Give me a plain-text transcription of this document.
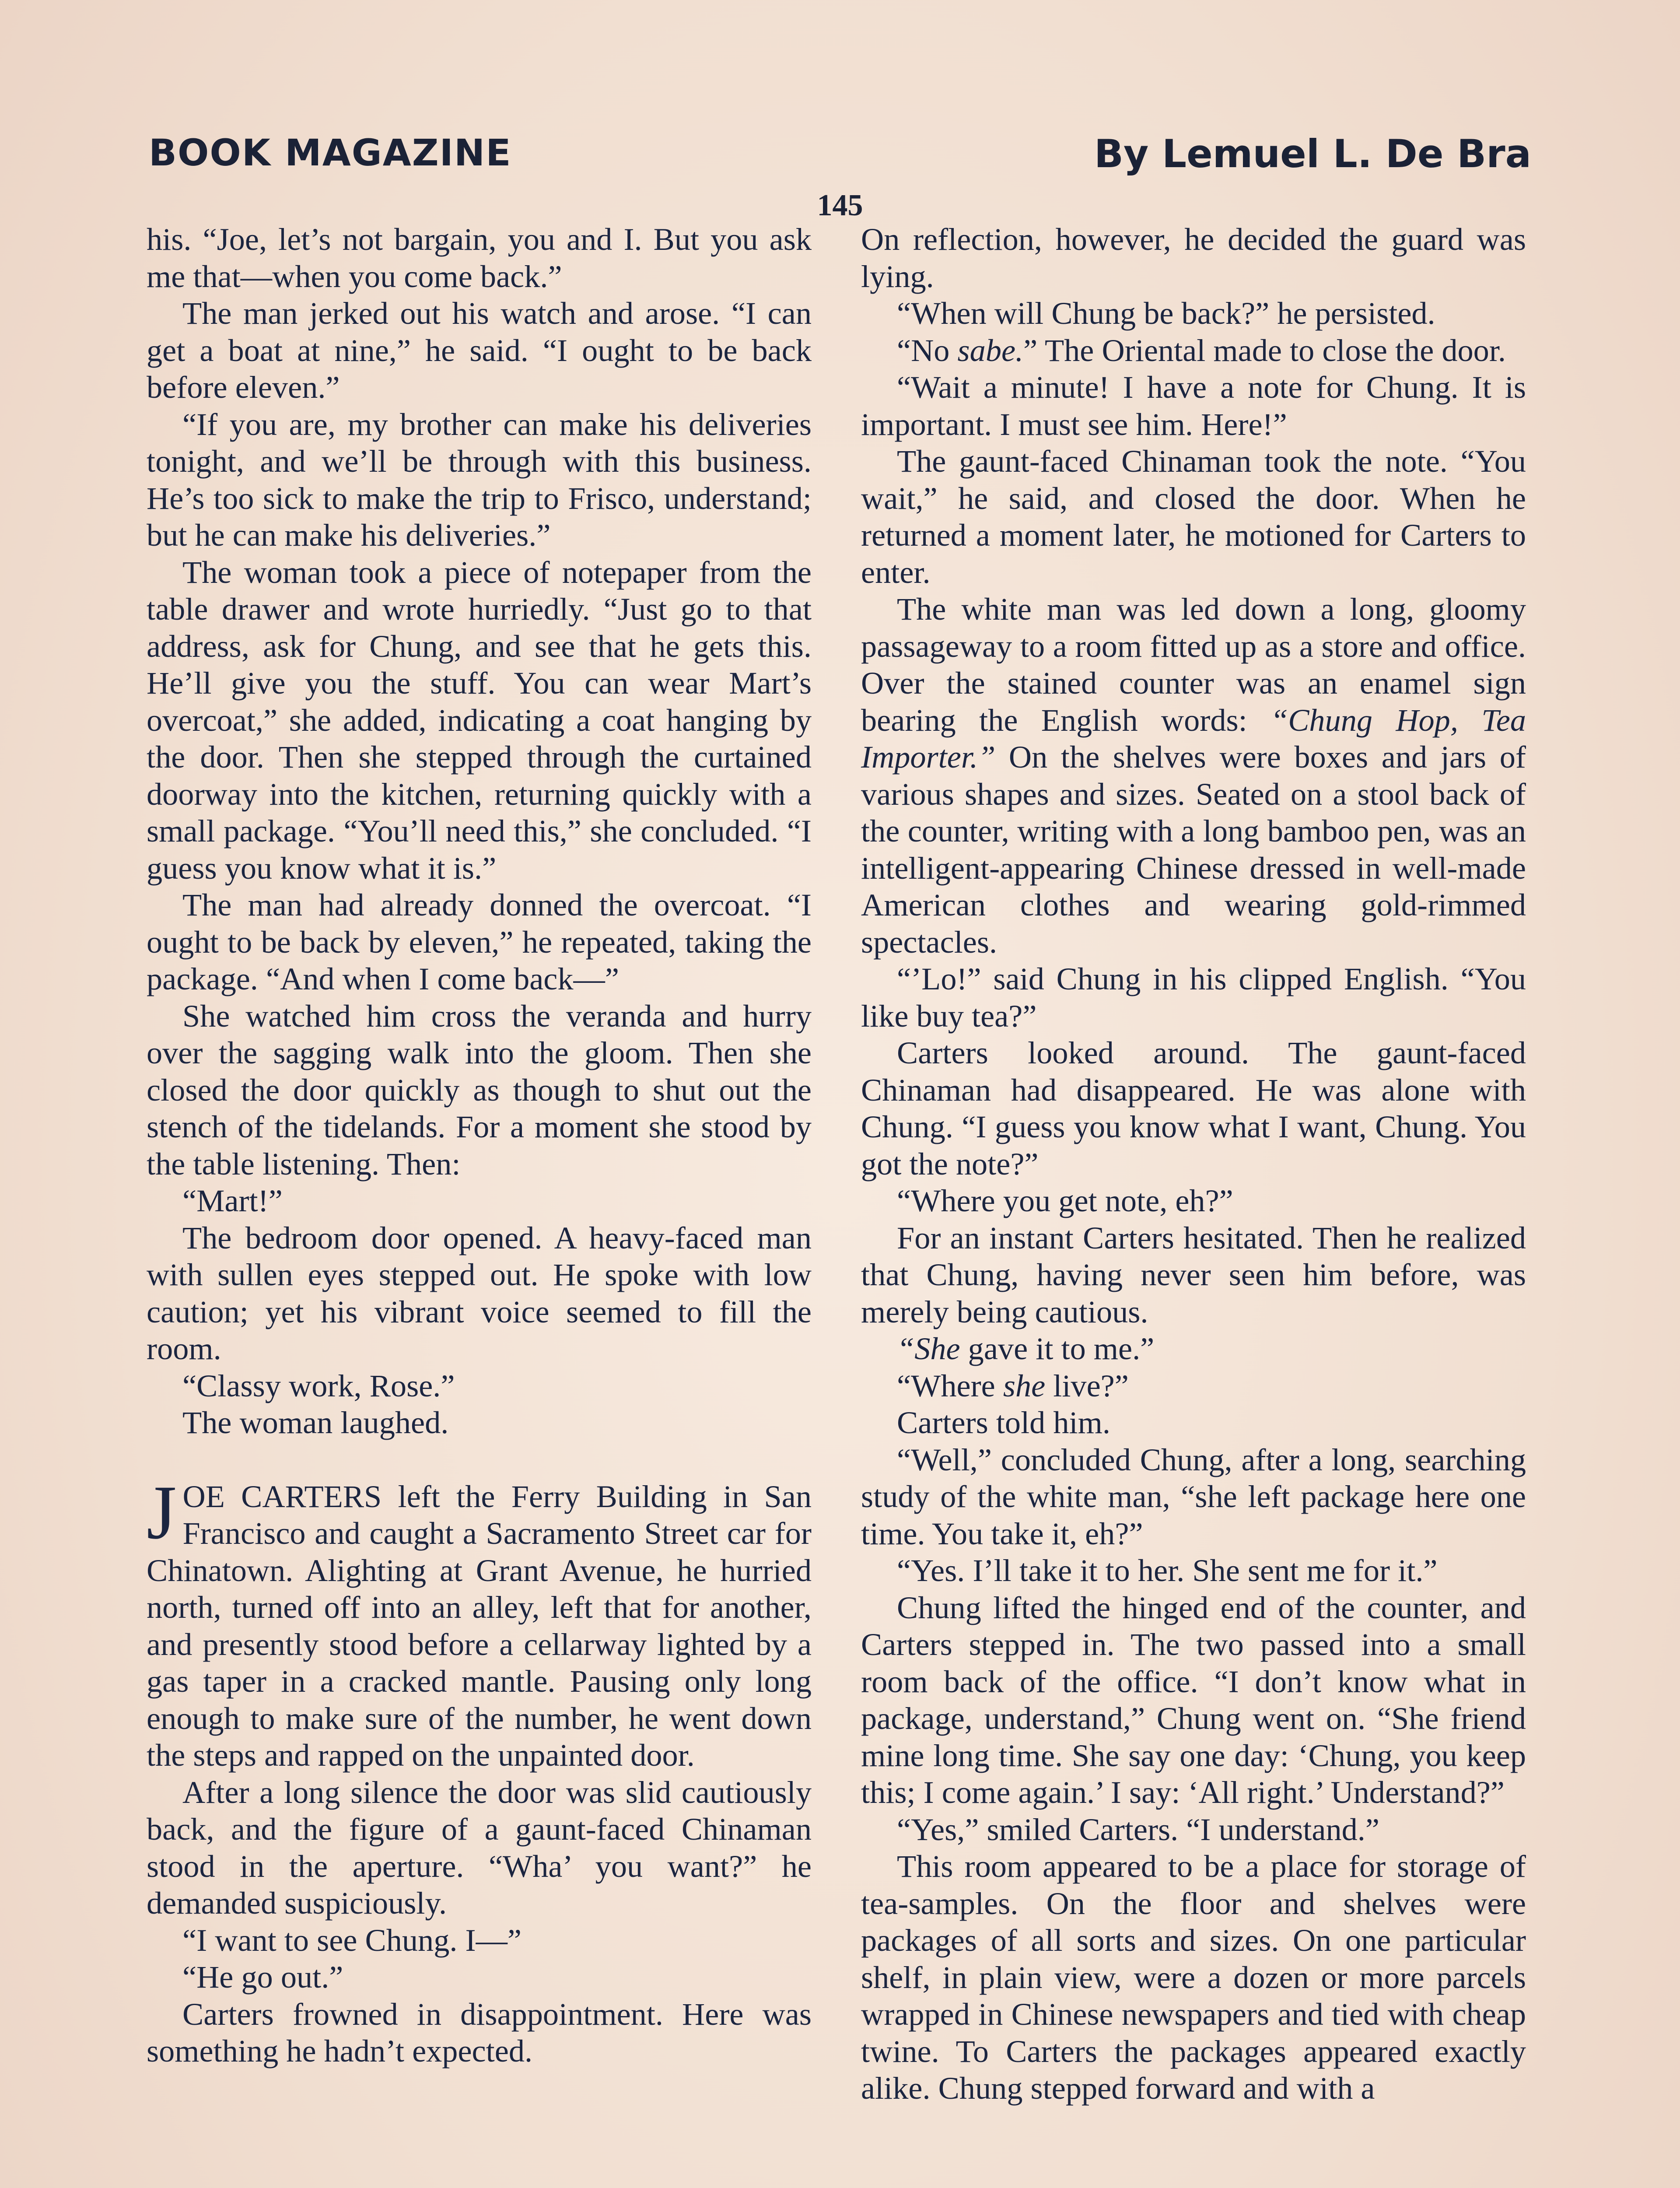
BOOK MAGAZINE	By Lemuel L. De Bra
145

his. “Joe, let’s not bargain, you and I. But you ask me that—when you come back.”

The man jerked out his watch and arose. “I can get a boat at nine,” he said. “I ought to be back before eleven.”

“If you are, my brother can make his deliveries tonight, and we’ll be through with this business. He’s too sick to make the trip to Frisco, understand; but he can make his deliveries.”

The woman took a piece of notepaper from the table drawer and wrote hurriedly. “Just go to that address, ask for Chung, and see that he gets this. He’ll give you the stuff. You can wear Mart’s overcoat,” she added, indicating a coat hanging by the door. Then she stepped through the curtained doorway into the kitchen, returning quickly with a small package. “You’ll need this,” she concluded. “I guess you know what it is.”

The man had already donned the overcoat. “I ought to be back by eleven,” he repeated, taking the package. “And when I come back—”

She watched him cross the veranda and hurry over the sagging walk into the gloom. Then she closed the door quickly as though to shut out the stench of the tidelands. For a moment she stood by the table listening. Then:

“Mart!”

The bedroom door opened. A heavy-faced man with sullen eyes stepped out. He spoke with low caution; yet his vibrant voice seemed to fill the room.

“Classy work, Rose.”

The woman laughed.

JOE CARTERS left the Ferry Building in San Francisco and caught a Sacramento Street car for Chinatown. Alighting at Grant Avenue, he hurried north, turned off into an alley, left that for another, and presently stood before a cellarway lighted by a gas taper in a cracked mantle. Pausing only long enough to make sure of the number, he went down the steps and rapped on the unpainted door.

After a long silence the door was slid cautiously back, and the figure of a gaunt-faced Chinaman stood in the aperture. “Wha’ you want?” he demanded suspiciously.

“I want to see Chung. I—”

“He go out.”

Carters frowned in disappointment. Here was something he hadn’t expected.

On reflection, however, he decided the guard was lying.

“When will Chung be back?” he persisted.

“No sabe.” The Oriental made to close the door.

“Wait a minute! I have a note for Chung. It is important. I must see him. Here!”

The gaunt-faced Chinaman took the note. “You wait,” he said, and closed the door. When he returned a moment later, he motioned for Carters to enter.

The white man was led down a long, gloomy passageway to a room fitted up as a store and office. Over the stained counter was an enamel sign bearing the English words: “Chung Hop, Tea Importer.” On the shelves were boxes and jars of various shapes and sizes. Seated on a stool back of the counter, writing with a long bamboo pen, was an intelligent-appearing Chinese dressed in well-made American clothes and wearing gold-rimmed spectacles.

“’Lo!” said Chung in his clipped English. “You like buy tea?”

Carters looked around. The gaunt-faced Chinaman had disappeared. He was alone with Chung. “I guess you know what I want, Chung. You got the note?”

“Where you get note, eh?”

For an instant Carters hesitated. Then he realized that Chung, having never seen him before, was merely being cautious.

“She gave it to me.”

“Where she live?”

Carters told him.

“Well,” concluded Chung, after a long, searching study of the white man, “she left package here one time. You take it, eh?”

“Yes. I’ll take it to her. She sent me for it.”

Chung lifted the hinged end of the counter, and Carters stepped in. The two passed into a small room back of the office. “I don’t know what in package, understand,” Chung went on. “She friend mine long time. She say one day: ‘Chung, you keep this; I come again.’ I say: ‘All right.’ Understand?”

“Yes,” smiled Carters. “I understand.”

This room appeared to be a place for storage of tea-samples. On the floor and shelves were packages of all sorts and sizes. On one particular shelf, in plain view, were a dozen or more parcels wrapped in Chinese newspapers and tied with cheap twine. To Carters the packages appeared exactly alike. Chung stepped forward and with a
